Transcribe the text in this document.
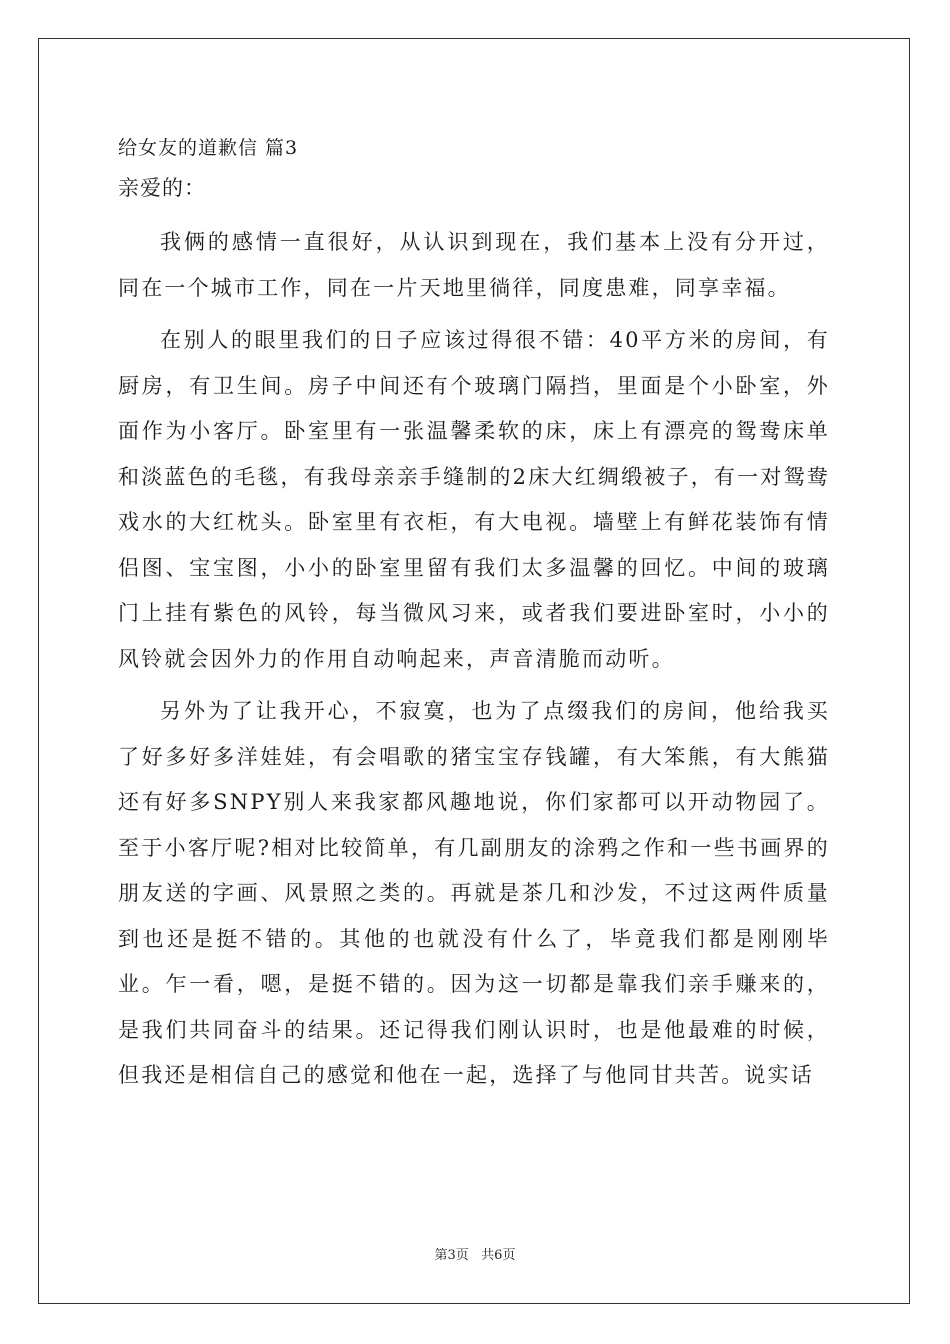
给女友的道歉信 篇3

亲爱的：

我俩的感情一直很好，从认识到现在，我们基本上没有分开过，同在一个城市工作，同在一片天地里徜徉，同度患难，同享幸福。

在别人的眼里我们的日子应该过得很不错：40平方米的房间，有厨房，有卫生间。房子中间还有个玻璃门隔挡，里面是个小卧室，外面作为小客厅。卧室里有一张温馨柔软的床，床上有漂亮的鸳鸯床单和淡蓝色的毛毯，有我母亲亲手缝制的2床大红绸缎被子，有一对鸳鸯戏水的大红枕头。卧室里有衣柜，有大电视。墙壁上有鲜花装饰有情侣图、宝宝图，小小的卧室里留有我们太多温馨的回忆。中间的玻璃门上挂有紫色的风铃，每当微风习来，或者我们要进卧室时，小小的风铃就会因外力的作用自动响起来，声音清脆而动听。

另外为了让我开心，不寂寞，也为了点缀我们的房间，他给我买了好多好多洋娃娃，有会唱歌的猪宝宝存钱罐，有大笨熊，有大熊猫还有好多SNPY别人来我家都风趣地说，你们家都可以开动物园了。至于小客厅呢?相对比较简单，有几副朋友的涂鸦之作和一些书画界的朋友送的字画、风景照之类的。再就是茶几和沙发，不过这两件质量到也还是挺不错的。其他的也就没有什么了，毕竟我们都是刚刚毕业。乍一看，嗯，是挺不错的。因为这一切都是靠我们亲手赚来的，是我们共同奋斗的结果。还记得我们刚认识时，也是他最难的时候，但我还是相信自己的感觉和他在一起，选择了与他同甘共苦。说实话

第3页   共6页
